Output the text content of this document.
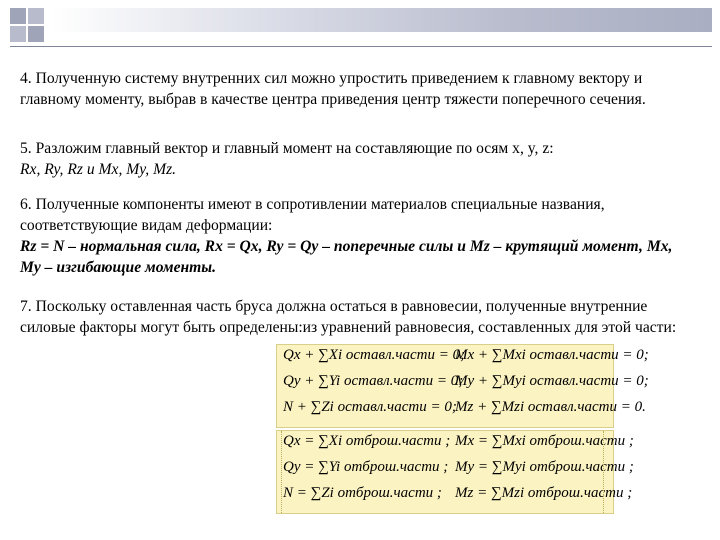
4. Полученную систему внутренних сил можно упростить приведением к главному вектору и главному моменту, выбрав в качестве центра приведения центр тяжести поперечного сечения.
5. Разложим главный вектор и главный момент на составляющие по осям x, y, z:
Rx, Ry, Rz и Mx, My, Mz.
6. Полученные компоненты имеют в сопротивлении материалов специальные названия, соответствующие видам деформации:
Rz = N – нормальная сила, Rx = Qx, Ry = Qy – поперечные силы и Mz – крутящий момент, Mx, My – изгибающие моменты.
7. Поскольку оставленная часть бруса должна остаться в равновесии, полученные внутренние силовые факторы могут быть определены:из уравнений равновесия, составленных для этой части:
Qx + ∑Xi оставл.части = 0;
Mx + ∑Mxi оставл.части = 0;
Qy + ∑Yi оставл.части = 0;
My + ∑Myi оставл.части = 0;
N + ∑Zi оставл.части = 0;
Mz + ∑Mzi оставл.части = 0.
Qx = ∑Xi отброш.части ; Mx = ∑Mxi отброш.части ;
Qy = ∑Yi отброш.части ; My = ∑Myi отброш.части ;
N = ∑Zi отброш.части ; Mz = ∑Mzi отброш.части ;
